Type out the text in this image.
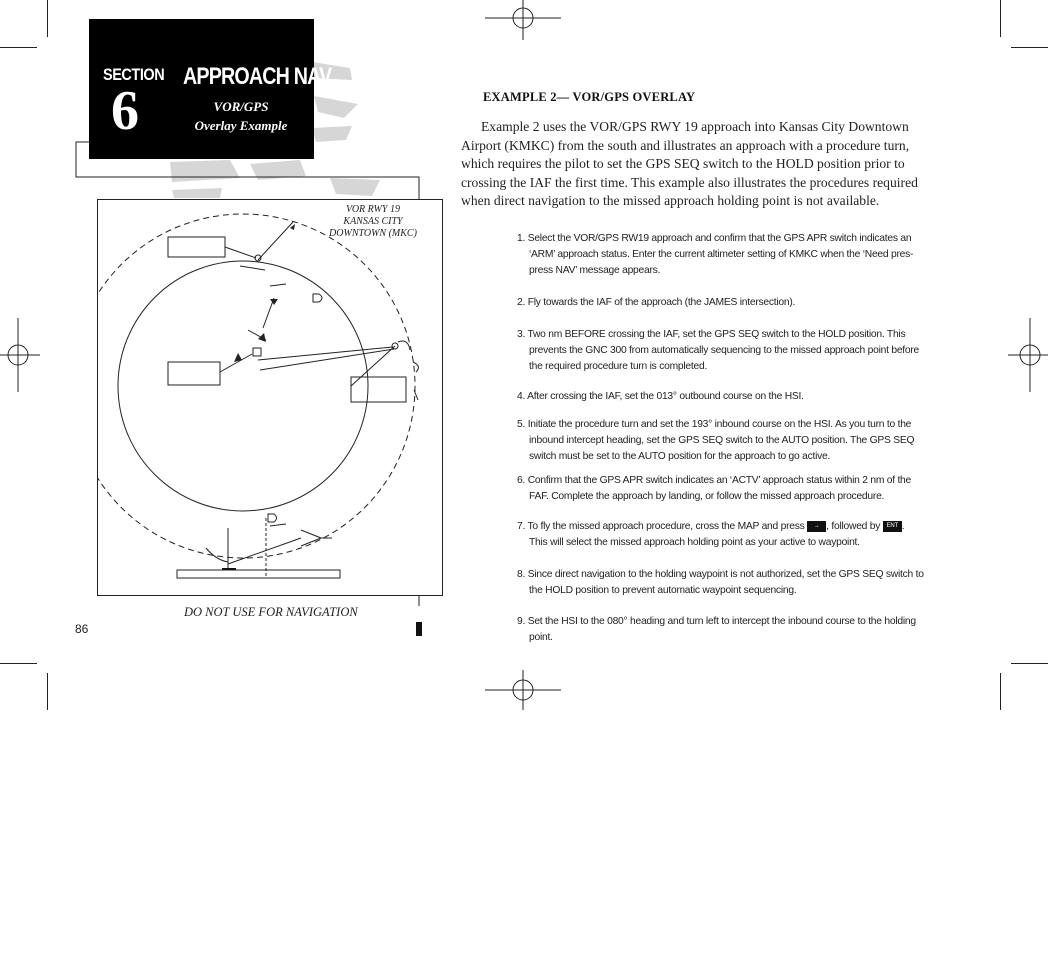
SECTION
6
APPROACH NAV
VOR/GPS
Overlay Example
VOR RWY 19
KANSAS CITY
DOWNTOWN (MKC)
DO NOT USE FOR NAVIGATION
86
EXAMPLE 2— VOR/GPS OVERLAY
Example 2 uses the VOR/GPS RWY 19 approach into Kansas City Downtown Airport (KMKC) from the south and illustrates an approach with a procedure turn, which requires the pilot to set the GPS SEQ switch to the HOLD position prior to crossing the IAF the first time. This example also illustrates the procedures required when direct navigation to the missed approach holding point is not available.
1. Select the VOR/GPS RW19 approach and confirm that the GPS APR switch indicates an ‘ARM’ approach status. Enter the current altimeter setting of KMKC when the ‘Need pres-press NAV’ message appears.
2. Fly towards the IAF of the approach (the JAMES intersection).
3. Two nm BEFORE crossing the IAF, set the GPS SEQ switch to the HOLD position. This prevents the GNC 300 from automatically sequencing to the missed approach point before the required procedure turn is completed.
4. After crossing the IAF, set the 013° outbound course on the HSI.
5. Initiate the procedure turn and set the 193° inbound course on the HSI. As you turn to the inbound intercept heading, set the GPS SEQ switch to the AUTO position. The GPS SEQ switch must be set to the AUTO position for the approach to go active.
6. Confirm that the GPS APR switch indicates an ‘ACTV’ approach status within 2 nm of the FAF. Complete the approach by landing, or follow the missed approach procedure.
7. To fly the missed approach procedure, cross the MAP and press → , followed by ENT . This will select the missed approach holding point as your active to waypoint.
8. Since direct navigation to the holding waypoint is not authorized, set the GPS SEQ switch to the HOLD position to prevent automatic waypoint sequencing.
9. Set the HSI to the 080° heading and turn left to intercept the inbound course to the holding point.
